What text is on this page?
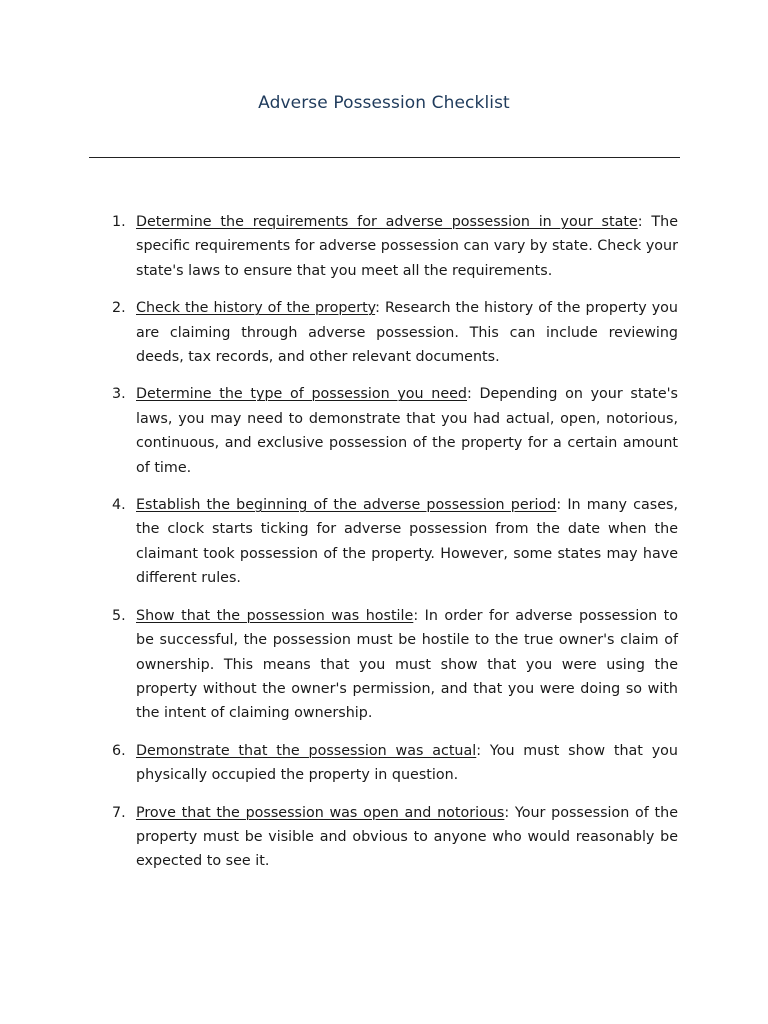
Adverse Possession Checklist
1. Determine the requirements for adverse possession in your state: The specific requirements for adverse possession can vary by state. Check your state's laws to ensure that you meet all the requirements.
2. Check the history of the property: Research the history of the property you are claiming through adverse possession. This can include reviewing deeds, tax records, and other relevant documents.
3. Determine the type of possession you need: Depending on your state's laws, you may need to demonstrate that you had actual, open, notorious, continuous, and exclusive possession of the property for a certain amount of time.
4. Establish the beginning of the adverse possession period: In many cases, the clock starts ticking for adverse possession from the date when the claimant took possession of the property. However, some states may have different rules.
5. Show that the possession was hostile: In order for adverse possession to be successful, the possession must be hostile to the true owner's claim of ownership. This means that you must show that you were using the property without the owner's permission, and that you were doing so with the intent of claiming ownership.
6. Demonstrate that the possession was actual: You must show that you physically occupied the property in question.
7. Prove that the possession was open and notorious: Your possession of the property must be visible and obvious to anyone who would reasonably be expected to see it.
